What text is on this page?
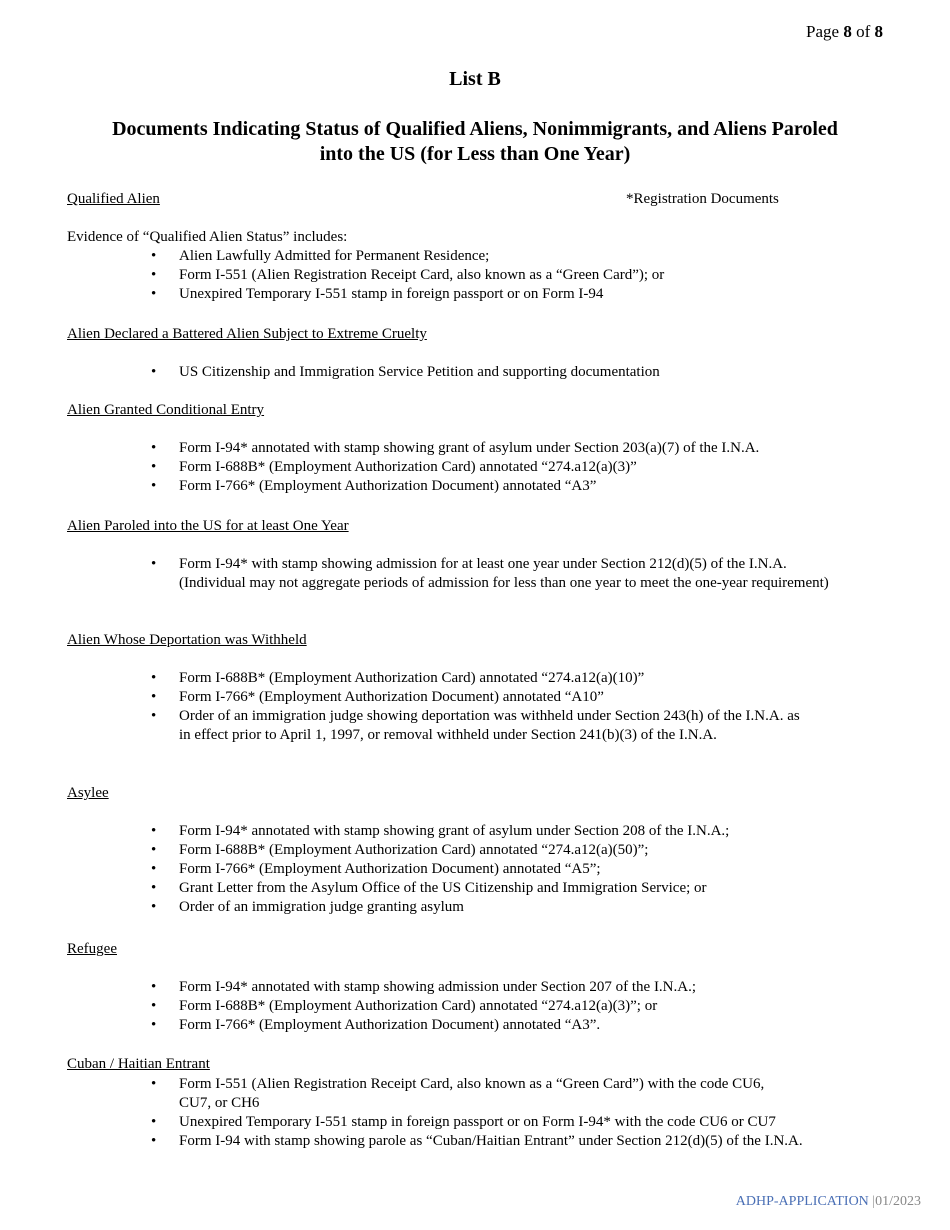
Page 8 of 8
List B
Documents Indicating Status of Qualified Aliens, Nonimmigrants, and Aliens Paroled into the US (for Less than One Year)
Qualified Alien	*Registration Documents
Evidence of “Qualified Alien Status” includes:
• Alien Lawfully Admitted for Permanent Residence;
• Form I-551 (Alien Registration Receipt Card, also known as a “Green Card”); or
• Unexpired Temporary I-551 stamp in foreign passport or on Form I-94
Alien Declared a Battered Alien Subject to Extreme Cruelty
• US Citizenship and Immigration Service Petition and supporting documentation
Alien Granted Conditional Entry
• Form I-94* annotated with stamp showing grant of asylum under Section 203(a)(7) of the I.N.A.
• Form I-688B* (Employment Authorization Card) annotated “274.a12(a)(3)”
• Form I-766* (Employment Authorization Document) annotated “A3”
Alien Paroled into the US for at least One Year
• Form I-94* with stamp showing admission for at least one year under Section 212(d)(5) of the I.N.A. (Individual may not aggregate periods of admission for less than one year to meet the one-year requirement)
Alien Whose Deportation was Withheld
• Form I-688B* (Employment Authorization Card) annotated “274.a12(a)(10)”
• Form I-766* (Employment Authorization Document) annotated “A10”
• Order of an immigration judge showing deportation was withheld under Section 243(h) of the I.N.A. as in effect prior to April 1, 1997, or removal withheld under Section 241(b)(3) of the I.N.A.
Asylee
• Form I-94* annotated with stamp showing grant of asylum under Section 208 of the I.N.A.;
• Form I-688B* (Employment Authorization Card) annotated “274.a12(a)(50)”;
• Form I-766* (Employment Authorization Document) annotated “A5”;
• Grant Letter from the Asylum Office of the US Citizenship and Immigration Service; or
• Order of an immigration judge granting asylum
Refugee
• Form I-94* annotated with stamp showing admission under Section 207 of the I.N.A.;
• Form I-688B* (Employment Authorization Card) annotated “274.a12(a)(3)”; or
• Form I-766* (Employment Authorization Document) annotated “A3”.
Cuban / Haitian Entrant
• Form I-551 (Alien Registration Receipt Card, also known as a “Green Card”) with the code CU6, CU7, or CH6
• Unexpired Temporary I-551 stamp in foreign passport or on Form I-94* with the code CU6 or CU7
• Form I-94 with stamp showing parole as “Cuban/Haitian Entrant” under Section 212(d)(5) of the I.N.A.
ADHP-APPLICATION |01/2023
